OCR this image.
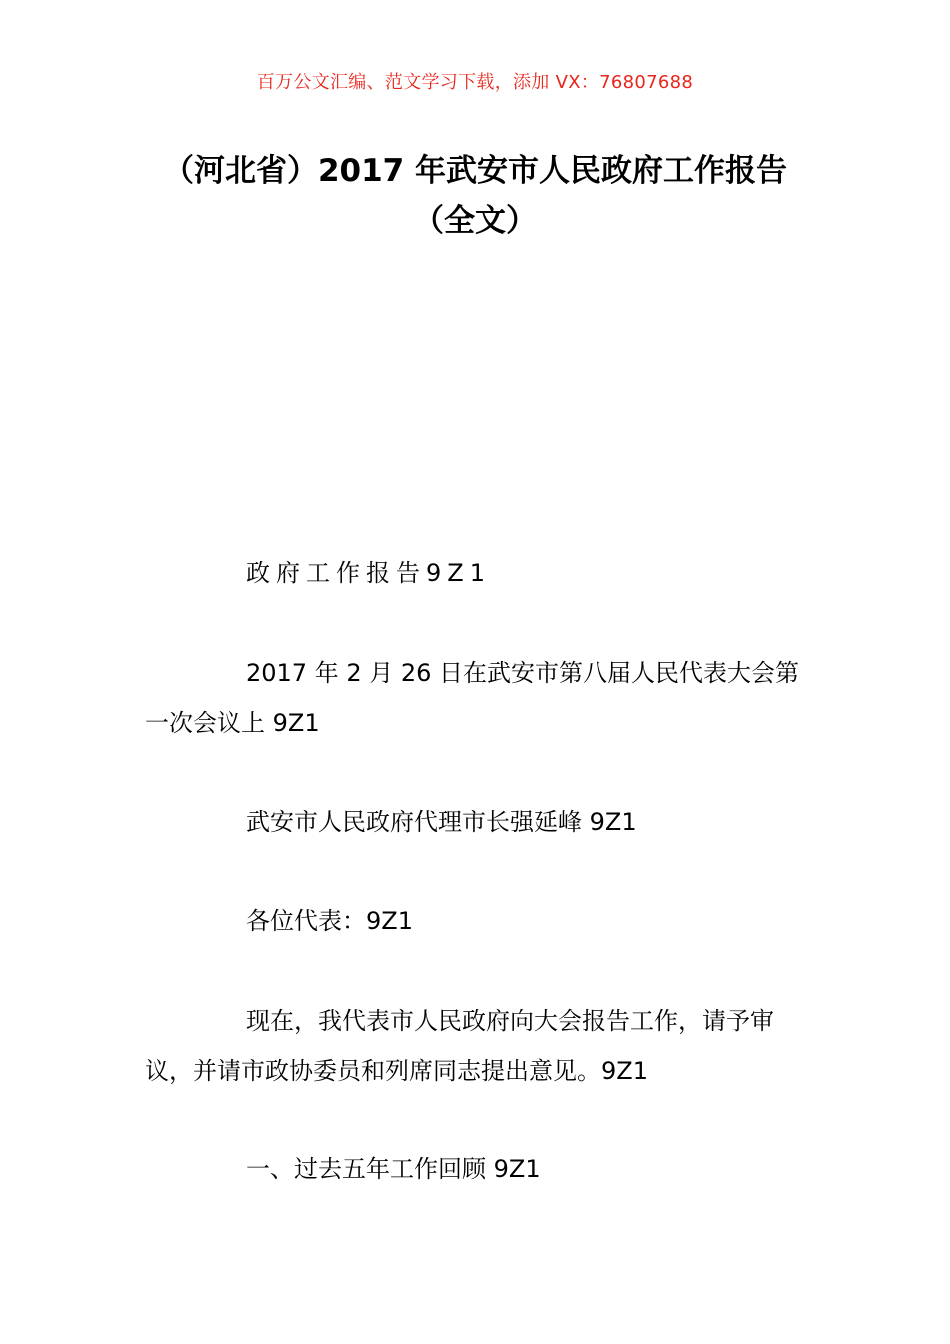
百万公文汇编、范文学习下载，添加 VX：76807688
（河北省）2017 年武安市人民政府工作报告（全文）

政府工作报告9Z1

2017 年 2 月 26 日在武安市第八届人民代表大会第一次会议上 9Z1

武安市人民政府代理市长强延峰 9Z1

各位代表：9Z1

现在，我代表市人民政府向大会报告工作，请予审议，并请市政协委员和列席同志提出意见。9Z1

一、过去五年工作回顾 9Z1
